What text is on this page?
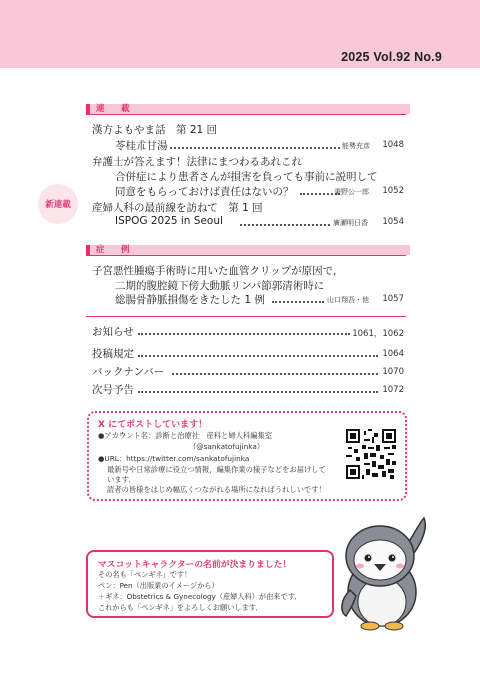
2025 Vol.92 No.9
連　載
新連載
漢方よもやま話　第 21 回
苓桂朮甘湯	能勢充彦 1048
弁護士が答えます！法律にまつわるあれこれ
合併症により患者さんが損害を負っても事前に説明して
同意をもらっておけば責任はないの？	秉野公一郎 1052
産婦人科の最前線を訪ねて　第 1 回
ISPOG 2025 in Seoul	廣瀬明日香 1054
症　例
子宮悪性腫瘍手術時に用いた血管クリップが原因で，
二期的腹腔鏡下傍大動脈リンパ節郭清術時に
総腸骨静脈損傷をきたした 1 例	山口翔吾・他 1057
お知らせ	1061，1062
投稿規定	1064
バックナンバー	1070
次号予告	1072
X にてポストしています！
●アカウント名：診断と治療社　産科と婦人科編集室
（@sankatofujinka）
●URL：https://twitter.com/sankatofujinka
最新号や日常診療に役立つ情報，編集作業の様子などをお届けして
います．
読者の皆様をはじめ幅広くつながれる場所になればうれしいです！
マスコットキャラクターの名前が決まりました！
その名も「ペンギネ」です！
ペン：Pen（出版業のイメージから）
＋ギネ：Obstetrics & Gynecology（産婦人科）が由来です．
これからも「ペンギネ」をよろしくお願いします．
